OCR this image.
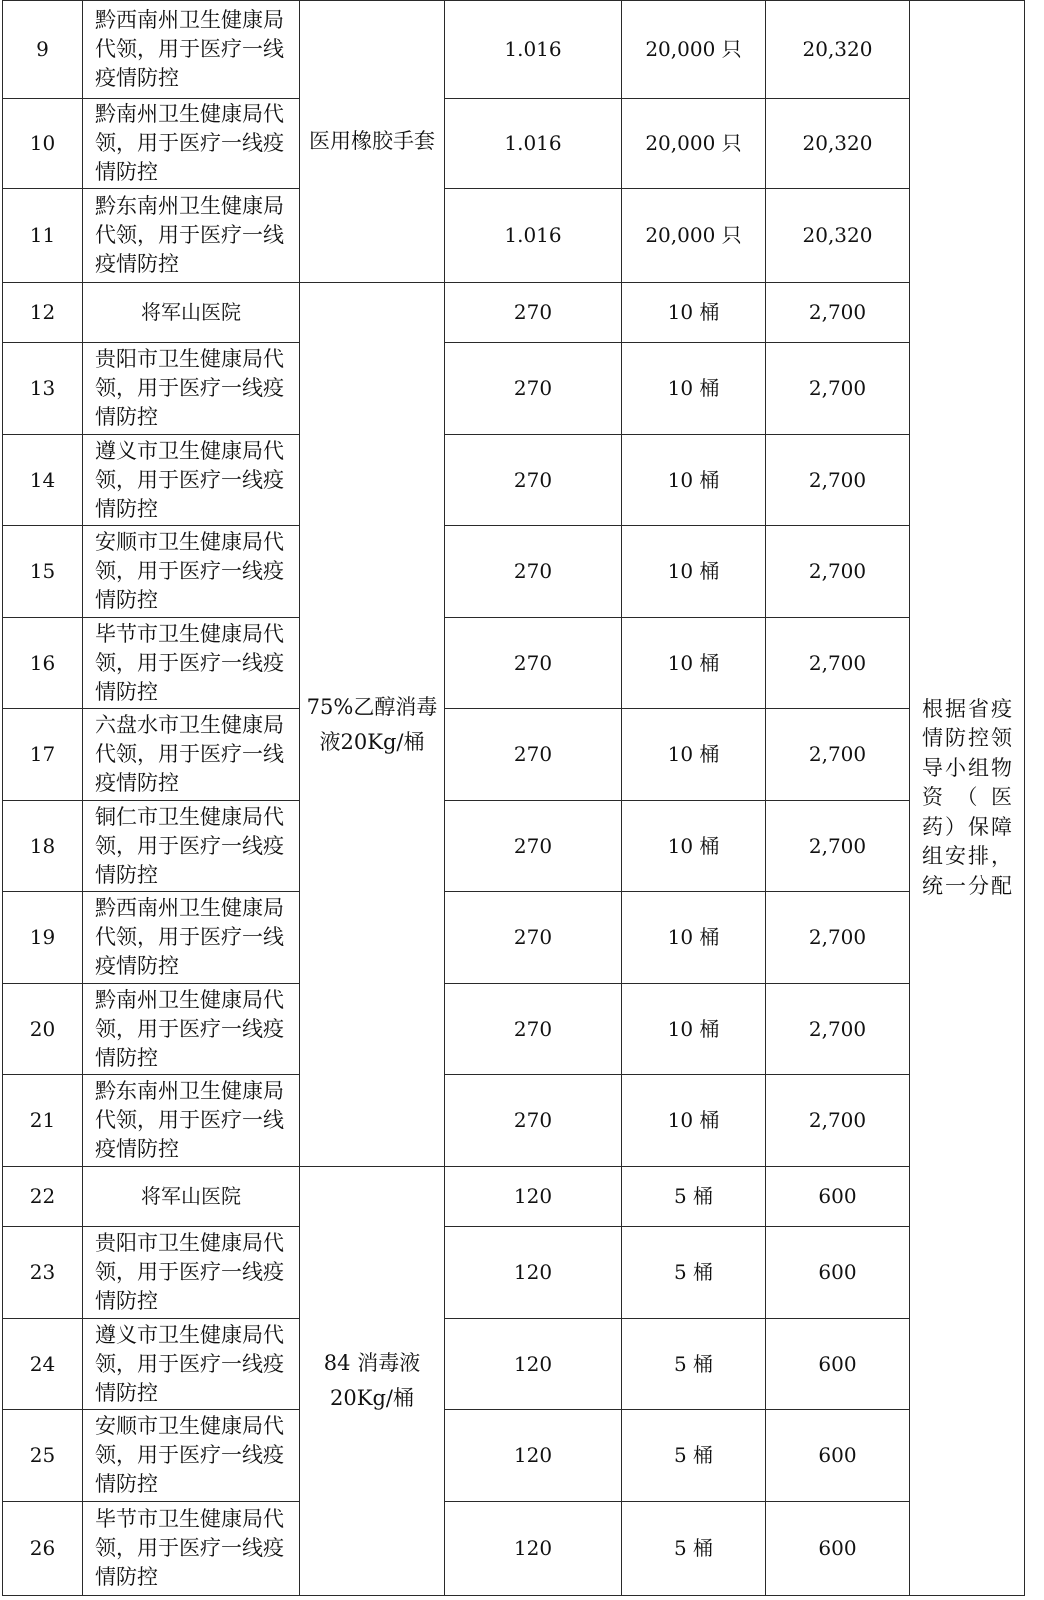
9	黔西南州卫生健康局代领，用于医疗一线疫情防控	医用橡胶手套	1.016	20,000 只	20,320	根据省疫情防控领导小组物资（医药）保障组安排，统一分配
10	黔南州卫生健康局代领，用于医疗一线疫情防控		1.016	20,000 只	20,320	
11	黔东南州卫生健康局代领，用于医疗一线疫情防控		1.016	20,000 只	20,320	
12	将军山医院	75%乙醇消毒液20Kg/桶	270	10 桶	2,700	
13	贵阳市卫生健康局代领，用于医疗一线疫情防控		270	10 桶	2,700	
14	遵义市卫生健康局代领，用于医疗一线疫情防控		270	10 桶	2,700	
15	安顺市卫生健康局代领，用于医疗一线疫情防控		270	10 桶	2,700	
16	毕节市卫生健康局代领，用于医疗一线疫情防控		270	10 桶	2,700	
17	六盘水市卫生健康局代领，用于医疗一线疫情防控		270	10 桶	2,700	
18	铜仁市卫生健康局代领，用于医疗一线疫情防控		270	10 桶	2,700	
19	黔西南州卫生健康局代领，用于医疗一线疫情防控		270	10 桶	2,700	
20	黔南州卫生健康局代领，用于医疗一线疫情防控		270	10 桶	2,700	
21	黔东南州卫生健康局代领，用于医疗一线疫情防控		270	10 桶	2,700	
22	将军山医院	84 消毒液20Kg/桶	120	5 桶	600	
23	贵阳市卫生健康局代领，用于医疗一线疫情防控		120	5 桶	600	
24	遵义市卫生健康局代领，用于医疗一线疫情防控		120	5 桶	600	
25	安顺市卫生健康局代领，用于医疗一线疫情防控		120	5 桶	600	
26	毕节市卫生健康局代领，用于医疗一线疫情防控		120	5 桶	600	
